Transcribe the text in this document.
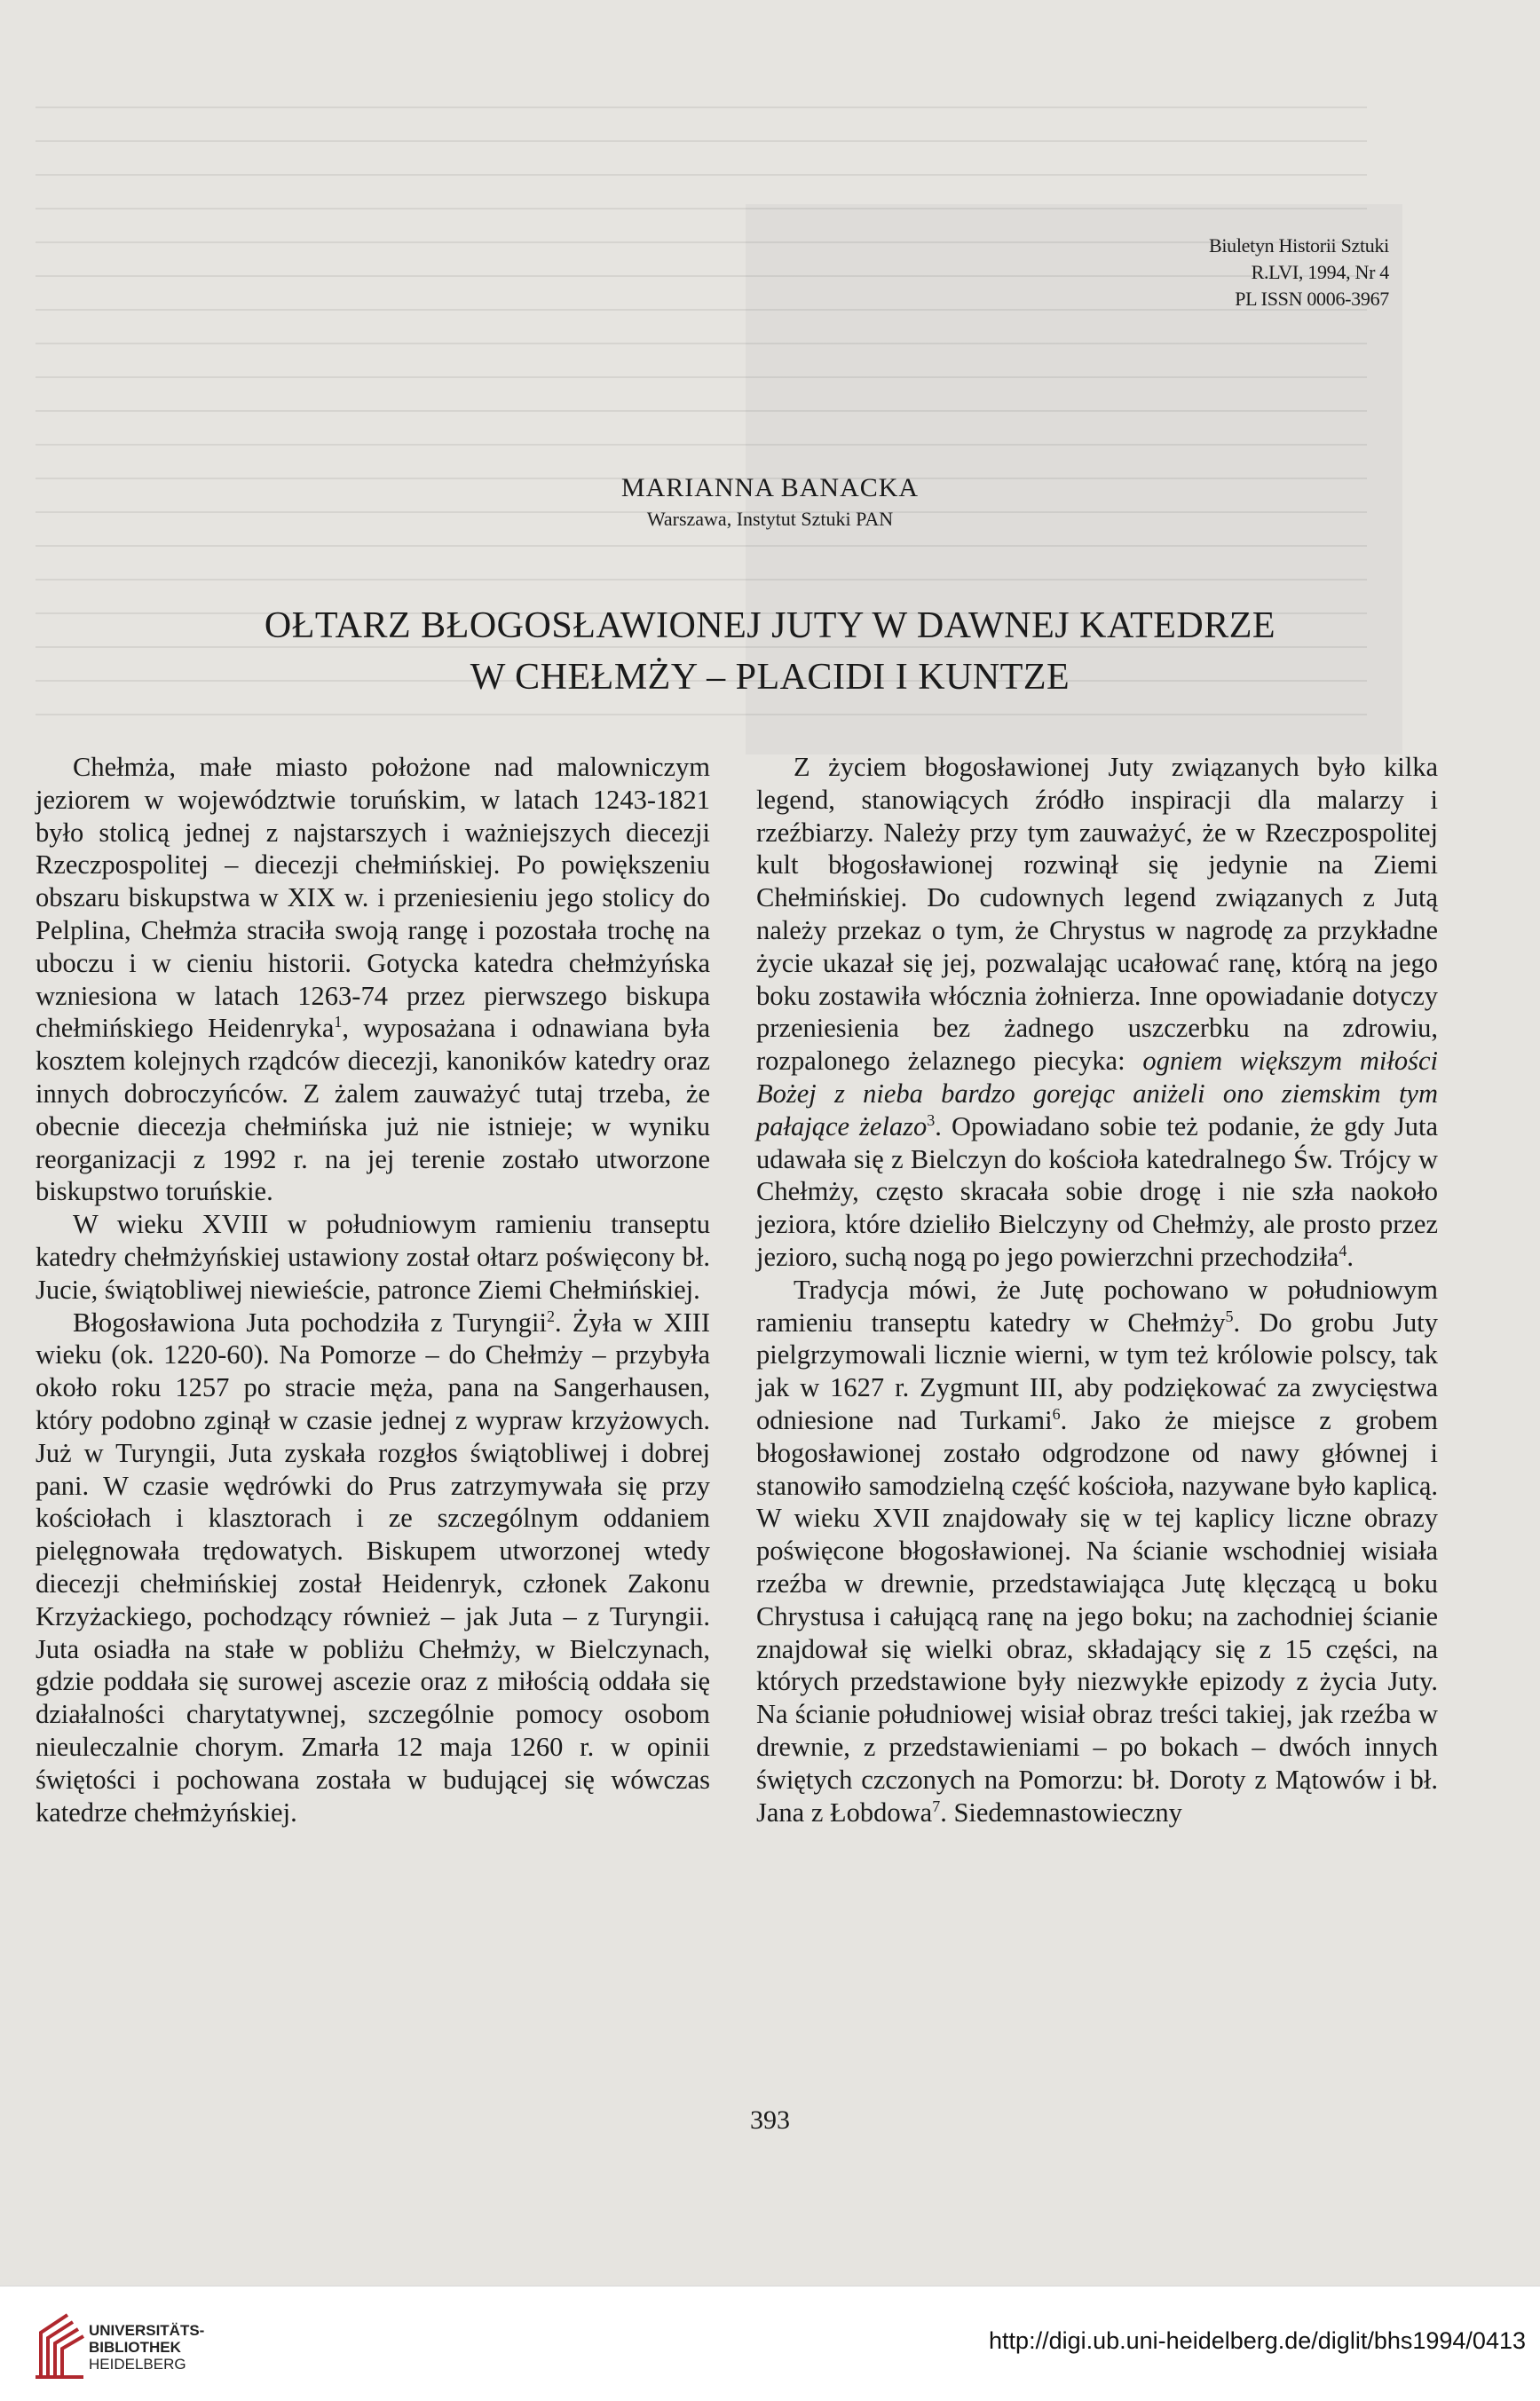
Biuletyn Historii Sztuki
R.LVI, 1994, Nr 4
PL ISSN 0006-3967
MARIANNA BANACKA
Warszawa, Instytut Sztuki PAN
OŁTARZ BŁOGOSŁAWIONEJ JUTY W DAWNEJ KATEDRZE
W CHEŁMŻY – PLACIDI I KUNTZE

Chełmża, małe miasto położone nad malowniczym jeziorem w województwie toruńskim, w latach 1243-1821 było stolicą jednej z najstarszych i ważniejszych diecezji Rzeczpospolitej – diecezji chełmińskiej. Po powiększeniu obszaru biskupstwa w XIX w. i przeniesieniu jego stolicy do Pelplina, Chełmża straciła swoją rangę i pozostała trochę na uboczu i w cieniu historii. Gotycka katedra chełmżyńska wzniesiona w latach 1263-74 przez pierwszego biskupa chełmińskiego Heidenryka$^1$, wyposażana i odnawiana była kosztem kolejnych rządców diecezji, kanoników katedry oraz innych dobroczyńców. Z żalem zauważyć tutaj trzeba, że obecnie diecezja chełmińska już nie istnieje; w wyniku reorganizacji z 1992 r. na jej terenie zostało utworzone biskupstwo toruńskie.

W wieku XVIII w południowym ramieniu transeptu katedry chełmżyńskiej ustawiony został ołtarz poświęcony bł. Jucie, świątobliwej niewieście, patronce Ziemi Chełmińskiej.

Błogosławiona Juta pochodziła z Turyngii$^2$. Żyła w XIII wieku (ok. 1220-60). Na Pomorze – do Chełmży – przybyła około roku 1257 po stracie męża, pana na Sangerhausen, który podobno zginął w czasie jednej z wypraw krzyżowych. Już w Turyngii, Juta zyskała rozgłos świątobliwej i dobrej pani. W czasie wędrówki do Prus zatrzymywała się przy kościołach i klasztorach i ze szczególnym oddaniem pielęgnowała trędowatych. Biskupem utworzonej wtedy diecezji chełmińskiej został Heidenryk, członek Zakonu Krzyżackiego, pochodzący również – jak Juta – z Turyngii. Juta osiadła na stałe w pobliżu Chełmży, w Bielczynach, gdzie poddała się surowej ascezie oraz z miłością oddała się działalności charytatywnej, szczególnie pomocy osobom nieuleczalnie chorym. Zmarła 12 maja 1260 r. w opinii świętości i pochowana została w budującej się wówczas katedrze chełmżyńskiej.

Z życiem błogosławionej Juty związanych było kilka legend, stanowiących źródło inspiracji dla malarzy i rzeźbiarzy. Należy przy tym zauważyć, że w Rzeczpospolitej kult błogosławionej rozwinął się jedynie na Ziemi Chełmińskiej. Do cudownych legend związanych z Jutą należy przekaz o tym, że Chrystus w nagrodę za przykładne życie ukazał się jej, pozwalając ucałować ranę, którą na jego boku zostawiła włócznia żołnierza. Inne opowiadanie dotyczy przeniesienia bez żadnego uszczerbku na zdrowiu, rozpalonego żelaznego piecyka: ogniem większym miłości Bożej z nieba bardzo gorejąc aniżeli ono ziemskim tym pałające żelazo$^3$. Opowiadano sobie też podanie, że gdy Juta udawała się z Bielczyn do kościoła katedralnego Św. Trójcy w Chełmży, często skracała sobie drogę i nie szła naokoło jeziora, które dzieliło Bielczyny od Chełmży, ale prosto przez jezioro, suchą nogą po jego powierzchni przechodziła$^4$.

Tradycja mówi, że Jutę pochowano w południowym ramieniu transeptu katedry w Chełmży$^5$. Do grobu Juty pielgrzymowali licznie wierni, w tym też królowie polscy, tak jak w 1627 r. Zygmunt III, aby podziękować za zwycięstwa odniesione nad Turkami$^6$. Jako że miejsce z grobem błogosławionej zostało odgrodzone od nawy głównej i stanowiło samodzielną część kościoła, nazywane było kaplicą. W wieku XVII znajdowały się w tej kaplicy liczne obrazy poświęcone błogosławionej. Na ścianie wschodniej wisiała rzeźba w drewnie, przedstawiająca Jutę klęczącą u boku Chrystusa i całującą ranę na jego boku; na zachodniej ścianie znajdował się wielki obraz, składający się z 15 części, na których przedstawione były niezwykłe epizody z życia Juty. Na ścianie południowej wisiał obraz treści takiej, jak rzeźba w drewnie, z przedstawieniami – po bokach – dwóch innych świętych czczonych na Pomorzu: bł. Doroty z Mątowów i bł. Jana z Łobdowa$^7$. Siedemnastowieczny

393
UNIVERSITÄTS-
BIBLIOTHEK
HEIDELBERG
http://digi.ub.uni-heidelberg.de/diglit/bhs1994/0413
